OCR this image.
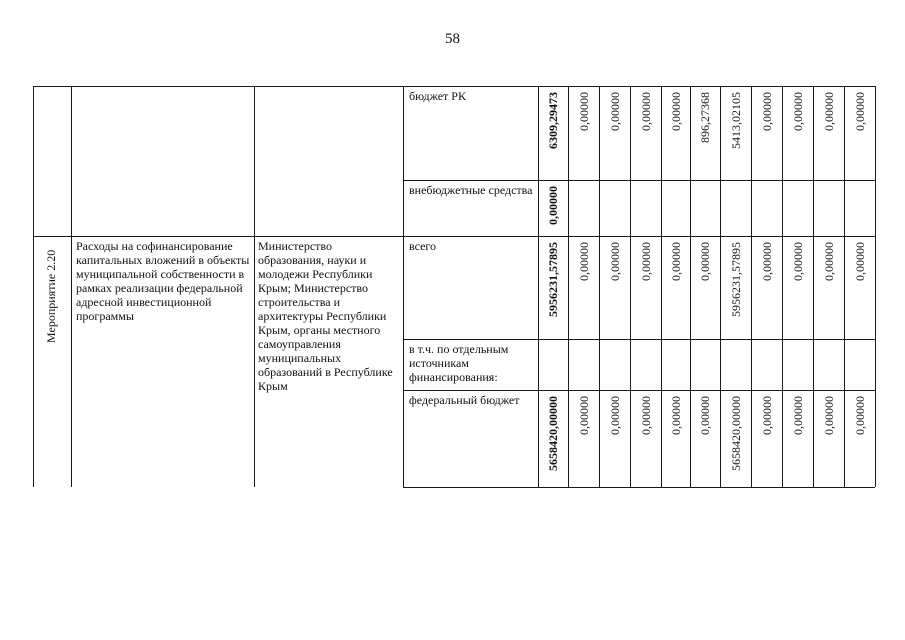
58
Мероприятие 2.20
Расходы на софинансирование капитальных вложений в объекты муниципальной собственности в рамках реализации федеральной адресной инвестиционной программы
Министерство образования, науки и молодежи Республики Крым; Министерство строительства и архитектуры Республики Крым, органы местного самоуправления муниципальных образований в Республике Крым
бюджет РК	6309,29473 0,00000 0,00000 0,00000 0,00000 896,27368 5413,02105 0,00000 0,00000 0,00000 0,00000
внебюджетные средства 0,00000
всего	5956231,57895 0,00000 0,00000 0,00000 0,00000 0,00000 5956231,57895 0,00000 0,00000 0,00000 0,00000
в т.ч. по отдельным источникам финансирования:
федеральный бюджет	5658420,00000 0,00000 0,00000 0,00000 0,00000 0,00000 5658420,00000 0,00000 0,00000 0,00000 0,00000
